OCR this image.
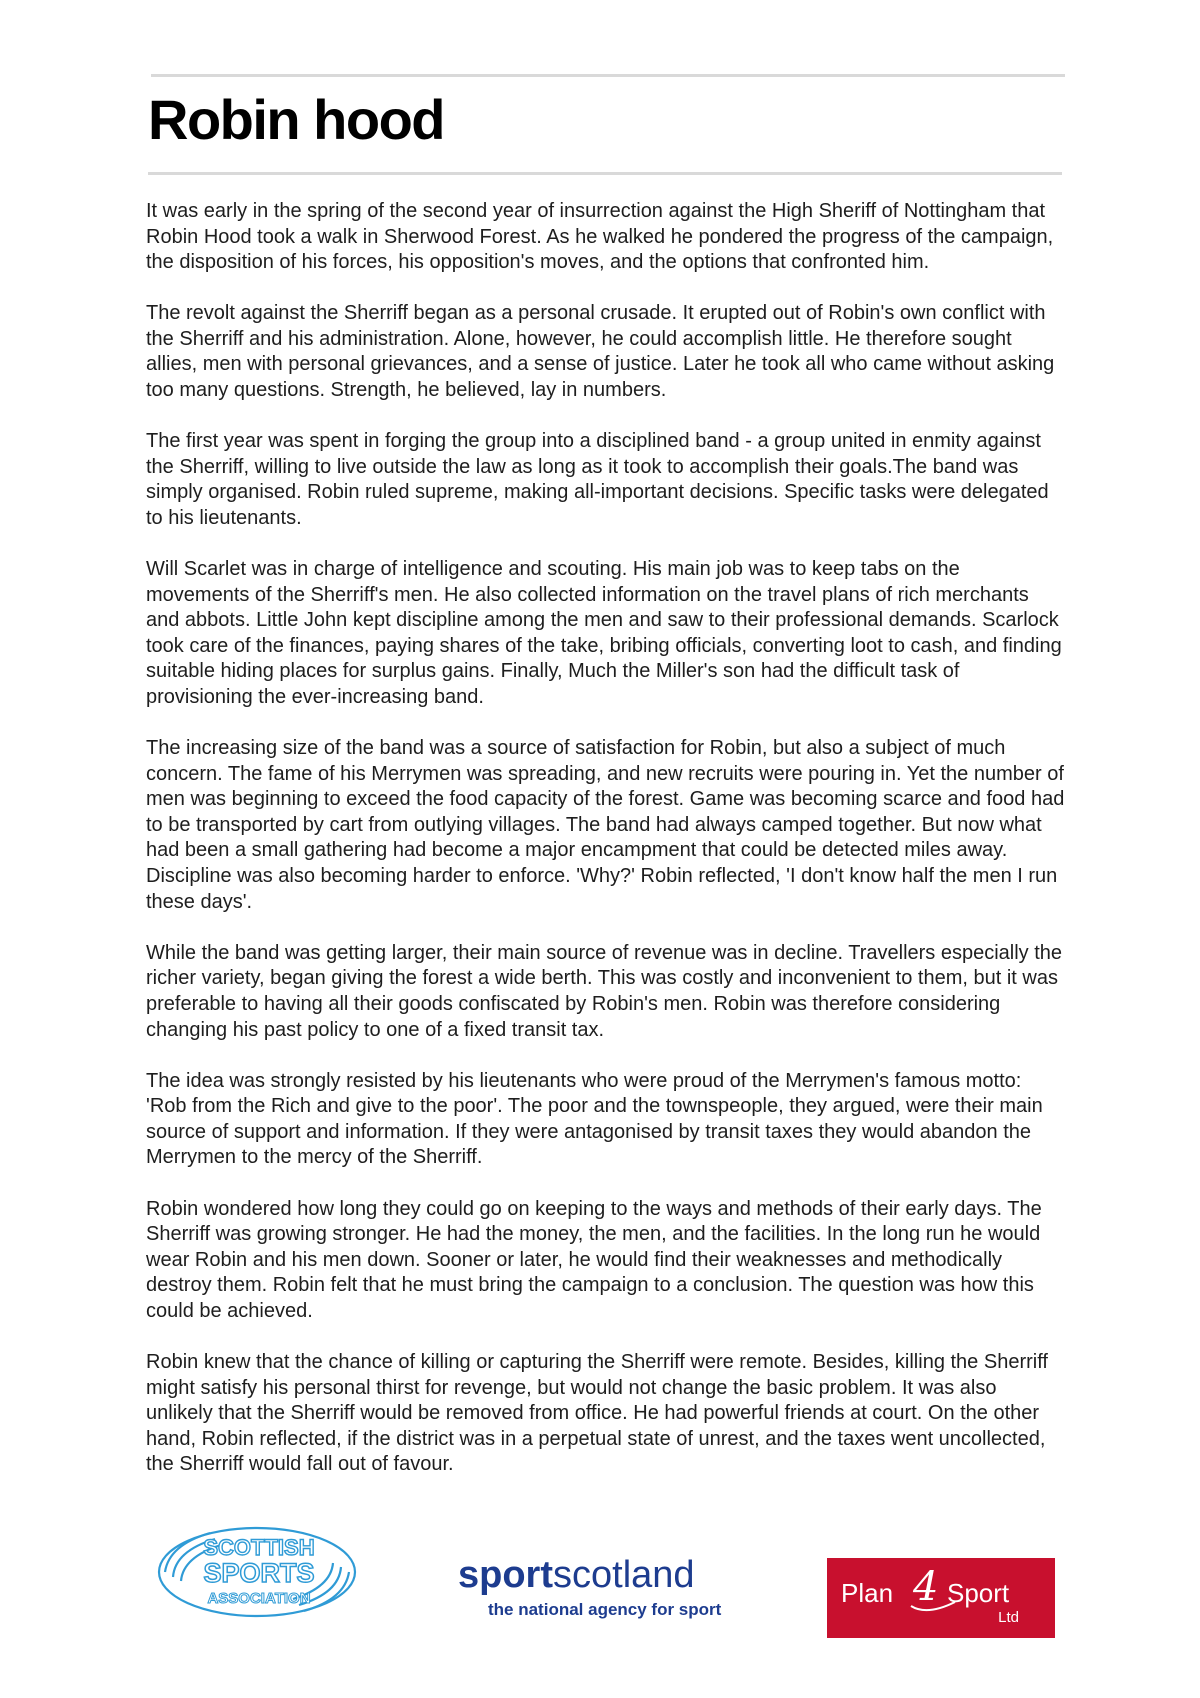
Robin hood

It was early in the spring of the second year of insurrection against the High Sheriff of Nottingham that Robin Hood took a walk in Sherwood Forest. As he walked he pondered the progress of the campaign, the disposition of his forces, his opposition's moves, and the options that confronted him.

The revolt against the Sherriff began as a personal crusade. It erupted out of Robin's own conflict with the Sherriff and his administration. Alone, however, he could accomplish little. He therefore sought allies, men with personal grievances, and a sense of justice. Later he took all who came without asking too many questions. Strength, he believed, lay in numbers.

The first year was spent in forging the group into a disciplined band - a group united in enmity against the Sherriff, willing to live outside the law as long as it took to accomplish their goals.The band was simply organised. Robin ruled supreme, making all-important decisions. Specific tasks were delegated to his lieutenants.

Will Scarlet was in charge of intelligence and scouting. His main job was to keep tabs on the movements of the Sherriff's men. He also collected information on the travel plans of rich merchants and abbots. Little John kept discipline among the men and saw to their professional demands. Scarlock took care of the finances, paying shares of the take, bribing officials, converting loot to cash, and finding suitable hiding places for surplus gains. Finally, Much the Miller's son had the difficult task of provisioning the ever-increasing band.

The increasing size of the band was a source of satisfaction for Robin, but also a subject of much concern. The fame of his Merrymen was spreading, and new recruits were pouring in. Yet the number of men was beginning to exceed the food capacity of the forest. Game was becoming scarce and food had to be transported by cart from outlying villages. The band had always camped together. But now what had been a small gathering had become a major encampment that could be detected miles away. Discipline was also becoming harder to enforce. 'Why?' Robin reflected, 'I don't know half the men I run these days'.

While the band was getting larger, their main source of revenue was in decline. Travellers especially the richer variety, began giving the forest a wide berth. This was costly and inconvenient to them, but it was preferable to having all their goods confiscated by Robin's men. Robin was therefore considering changing his past policy to one of a fixed transit tax.

The idea was strongly resisted by his lieutenants who were proud of the Merrymen's famous motto: 'Rob from the Rich and give to the poor'. The poor and the townspeople, they argued, were their main source of support and information. If they were antagonised by transit taxes they would abandon the Merrymen to the mercy of the Sherriff.

Robin wondered how long they could go on keeping to the ways and methods of their early days. The Sherriff was growing stronger. He had the money, the men, and the facilities. In the long run he would wear Robin and his men down. Sooner or later, he would find their weaknesses and methodically destroy them. Robin felt that he must bring the campaign to a conclusion. The question was how this could be achieved.

Robin knew that the chance of killing or capturing the Sherriff were remote. Besides, killing the Sherriff might satisfy his personal thirst for revenge, but would not change the basic problem. It was also unlikely that the Sherriff would be removed from office. He had powerful friends at court. On the other hand, Robin reflected, if the district was in a perpetual state of unrest, and the taxes went uncollected, the Sherriff would fall out of favour.

SCOTTISH
SPORTS
ASSOCIATION
sportscotland
the national agency for sport
Plan 4 Sport
Ltd
